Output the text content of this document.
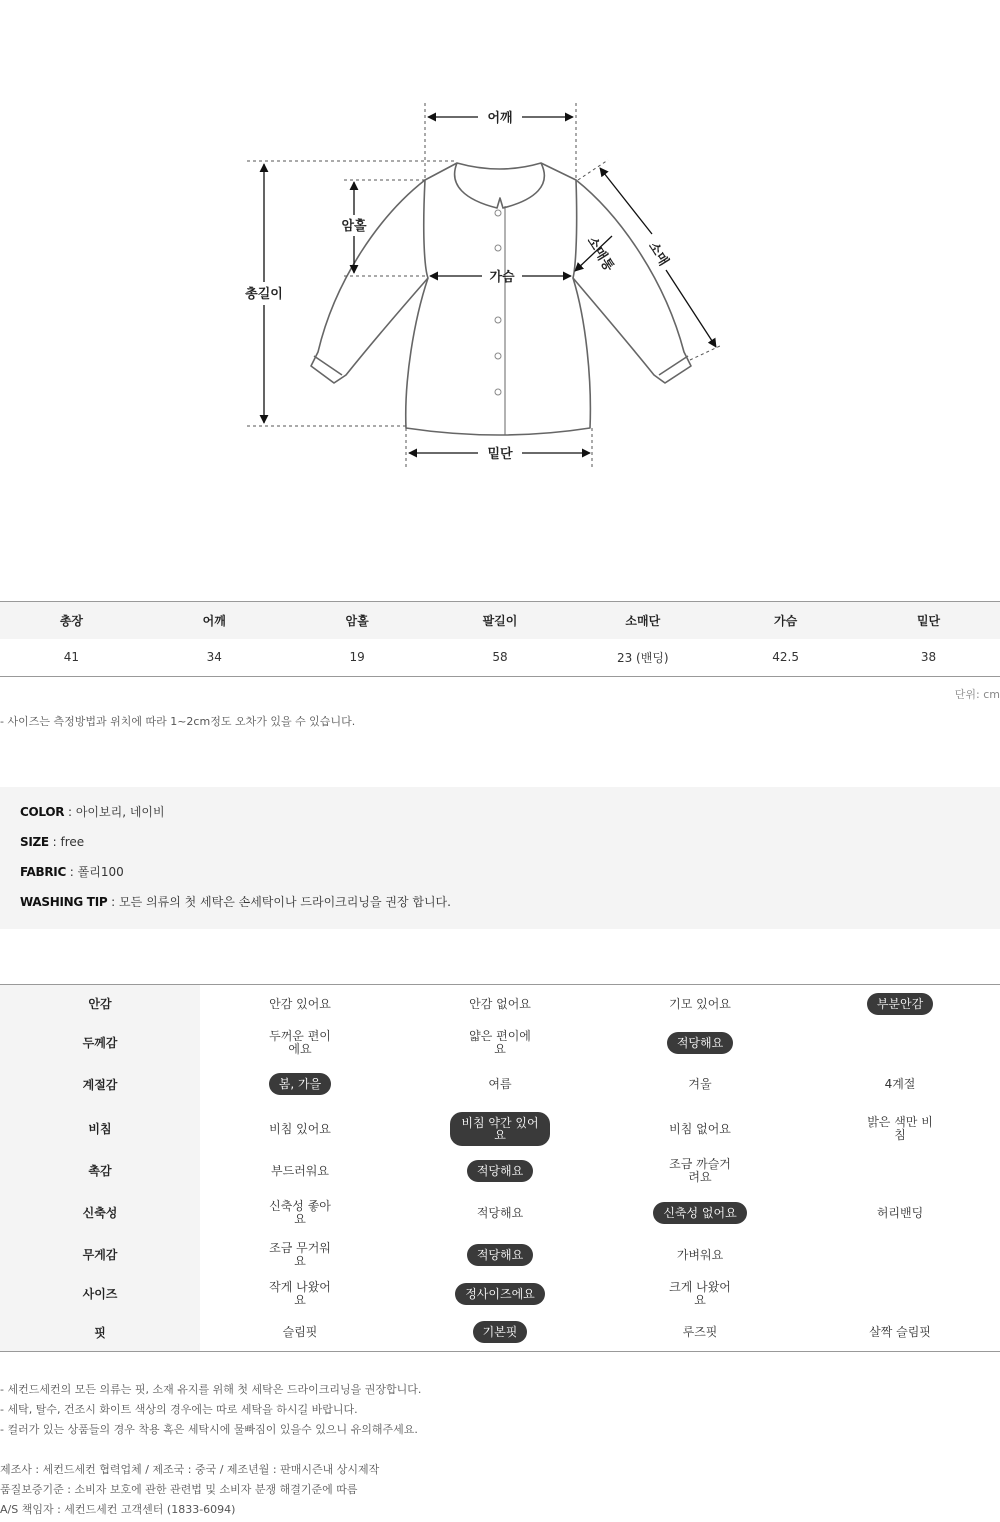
어깨
암홀
총길이
가슴
소매
소매통
밑단
총장	어깨	암홀	팔길이	소매단	가슴	밑단
41	34	19	58	23 (밴딩)	42.5	38
단위: cm
- 사이즈는 측정방법과 위치에 따라 1~2cm정도 오차가 있을 수 있습니다.
COLOR : 아이보리, 네이비
SIZE : free
FABRIC : 폴리100
WASHING TIP : 모든 의류의 첫 세탁은 손세탁이나 드라이크리닝을 권장 합니다.
안감	안감 있어요	안감 없어요	기모 있어요	부분안감
두께감	두꺼운 편이에요	얇은 편이에요	적당해요	
계절감	봄, 가을	여름	겨울	4계절
비침	비침 있어요	비침 약간 있어요	비침 없어요	밝은 색만 비침
촉감	부드러워요	적당해요	조금 까슬거려요	
신축성	신축성 좋아요	적당해요	신축성 없어요	허리밴딩
무게감	조금 무거워요	적당해요	가벼워요	
사이즈	작게 나왔어요	정사이즈에요	크게 나왔어요	
핏	슬림핏	기본핏	루즈핏	살짝 슬림핏

- 세컨드세컨의 모든 의류는 핏, 소재 유지를 위해 첫 세탁은 드라이크리닝을 권장합니다.

- 세탁, 탈수, 건조시 화이트 색상의 경우에는 따로 세탁을 하시길 바랍니다.

- 컬러가 있는 상품들의 경우 착용 혹은 세탁시에 물빠짐이 있을수 있으니 유의해주세요.

제조사 : 세컨드세컨 협력업체 / 제조국 : 중국 / 제조년월 : 판매시즌내 상시제작

품질보증기준 : 소비자 보호에 관한 관련법 및 소비자 분쟁 해결기준에 따름

A/S 책임자 : 세컨드세컨 고객센터 (1833-6094)
